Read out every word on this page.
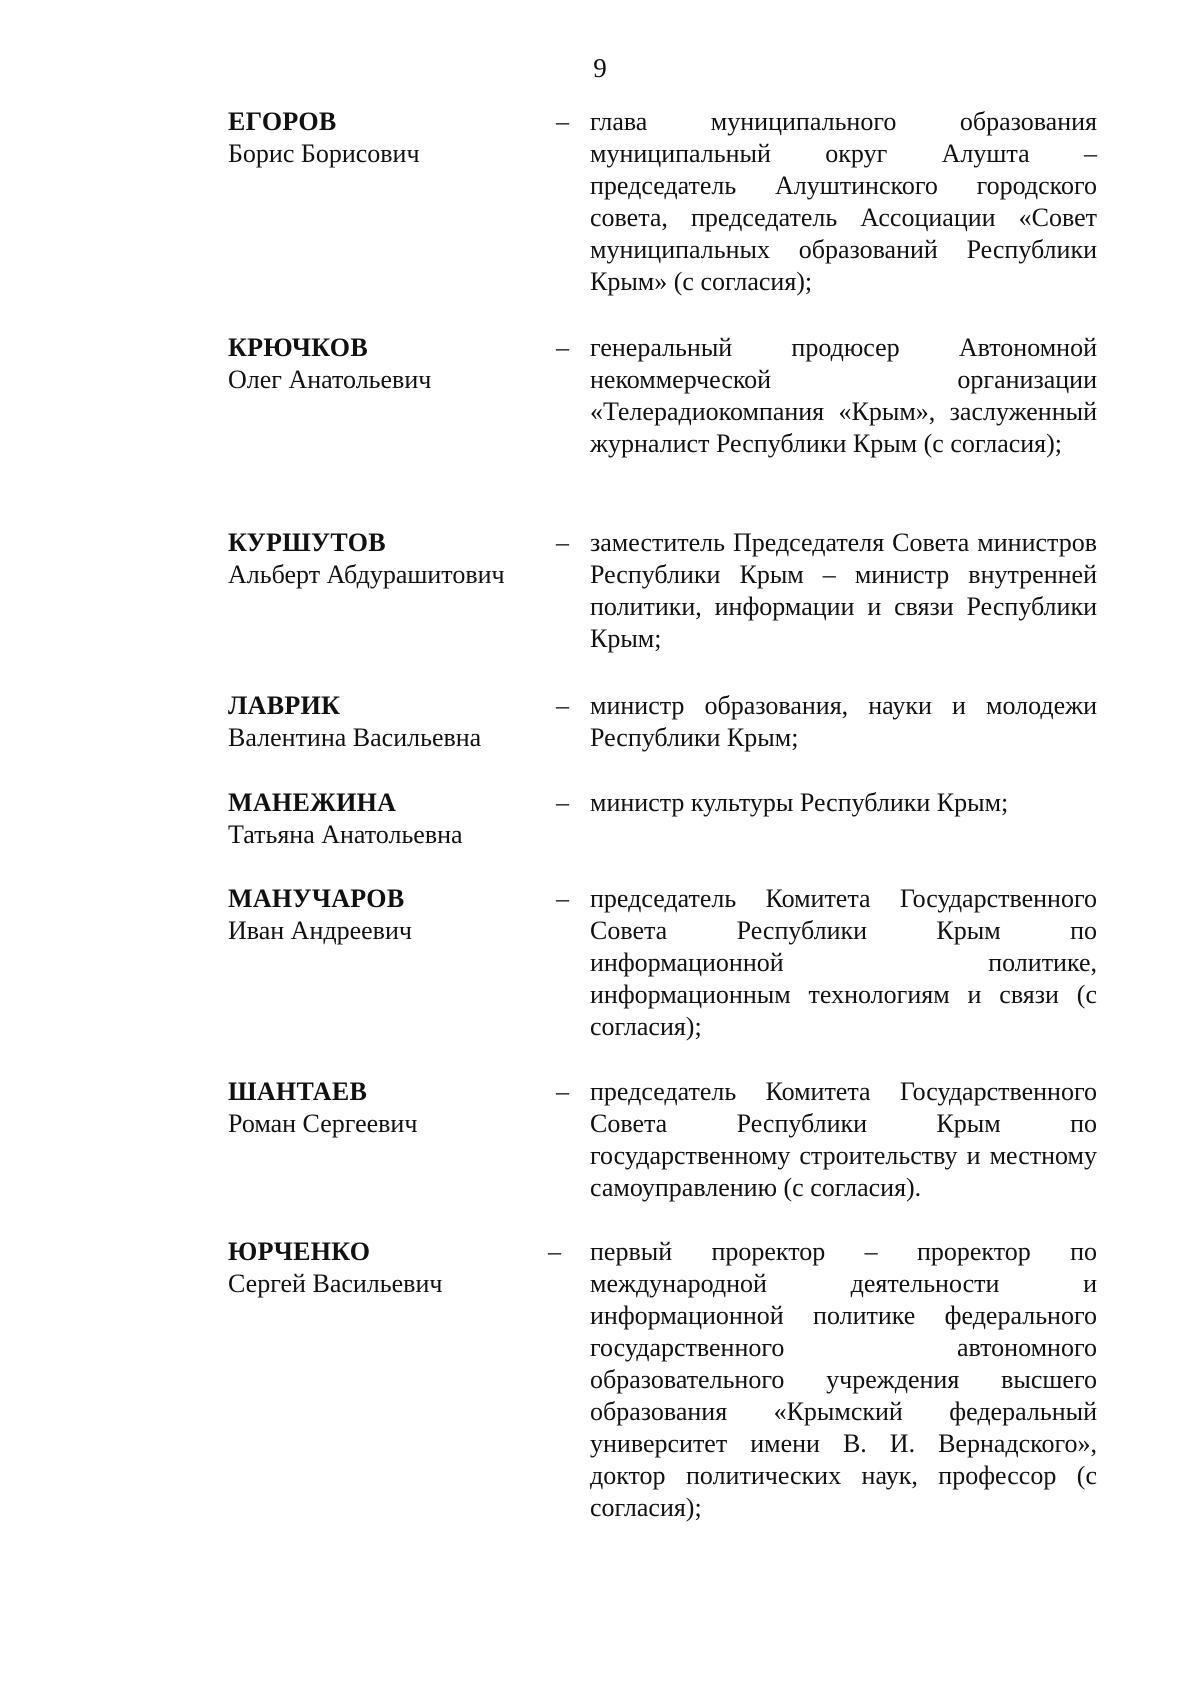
9
ЕГОРОВ
Борис Борисович
– глава муниципального образования муниципальный округ Алушта – председатель Алуштинского городского совета, председатель Ассоциации «Совет муниципальных образований Республики Крым» (с согласия);
КРЮЧКОВ
Олег Анатольевич
– генеральный продюсер Автономной некоммерческой организации «Телерадиокомпания «Крым», заслуженный журналист Республики Крым (с согласия);
КУРШУТОВ
Альберт Абдурашитович
– заместитель Председателя Совета министров Республики Крым – министр внутренней политики, информации и связи Республики Крым;
ЛАВРИК
Валентина Васильевна
– министр образования, науки и молодежи Республики Крым;
МАНЕЖИНА
Татьяна Анатольевна
– министр культуры Республики Крым;
МАНУЧАРОВ
Иван Андреевич
– председатель Комитета Государственного Совета Республики Крым по информационной политике, информационным технологиям и связи (с согласия);
ШАНТАЕВ
Роман Сергеевич
– председатель Комитета Государственного Совета Республики Крым по государственному строительству и местному самоуправлению (с согласия).
ЮРЧЕНКО
Сергей Васильевич
– первый проректор – проректор по международной деятельности и информационной политике федерального государственного автономного образовательного учреждения высшего образования «Крымский федеральный университет имени В. И. Вернадского», доктор политических наук, профессор (с согласия);
